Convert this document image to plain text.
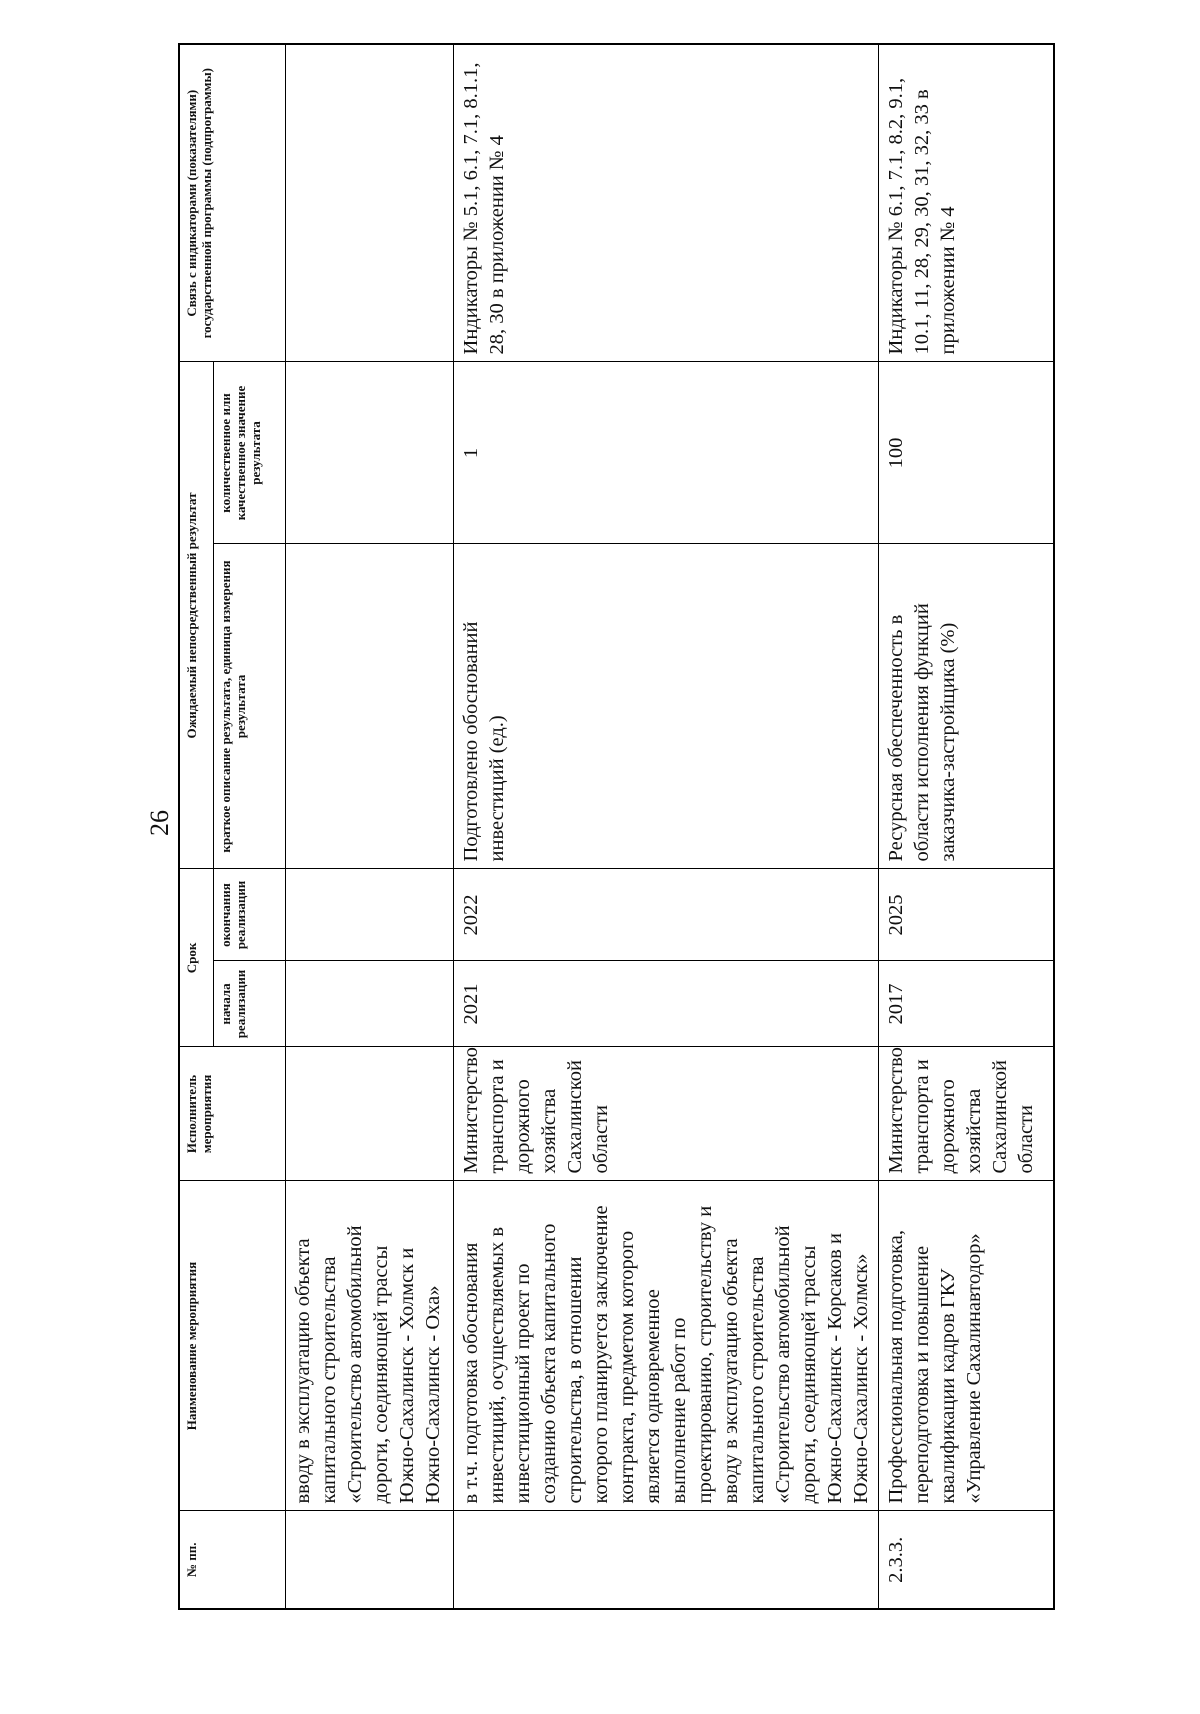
26
№ пп.	Наименование мероприятия	Исполнитель мероприятия	Срок		Ожидаемый непосредственный результат		Связь с индикаторами (показателями) государственной программы (подпрограммы)
			начала реализации	окончания реализации	краткое описание результата, единица измерения результата	количественное или качественное значение результата	
	вводу в эксплуатацию объекта капитального строительства «Строительство автомобильной дороги, соединяющей трассы Южно-Сахалинск - Холмск и Южно-Сахалинск - Оха»						
	в т.ч. подготовка обоснования инвестиций, осуществляемых в инвестиционный проект по созданию объекта капитального строительства, в отношении которого планируется заключение контракта, предметом которого является одновременное выполнение работ по проектированию, строительству и вводу в эксплуатацию объекта капитального строительства «Строительство автомобильной дороги, соединяющей трассы Южно-Сахалинск - Корсаков и Южно-Сахалинск - Холмск»	Министерство транспорта и дорожного хозяйства Сахалинской области	2021	2022	Подготовлено обоснований инвестиций (ед.)	1	Индикаторы № 5.1, 6.1, 7.1, 8.1.1, 28, 30 в приложении № 4
2.3.3.	Профессиональная подготовка, переподготовка и повышение квалификации кадров ГКУ «Управление Сахалинавтодор»	Министерство транспорта и дорожного хозяйства Сахалинской области	2017	2025	Ресурсная обеспеченность в области исполнения функций заказчика-застройщика (%)	100	Индикаторы № 6.1, 7.1, 8.2, 9.1, 10.1, 11, 28, 29, 30, 31, 32, 33 в приложении № 4
